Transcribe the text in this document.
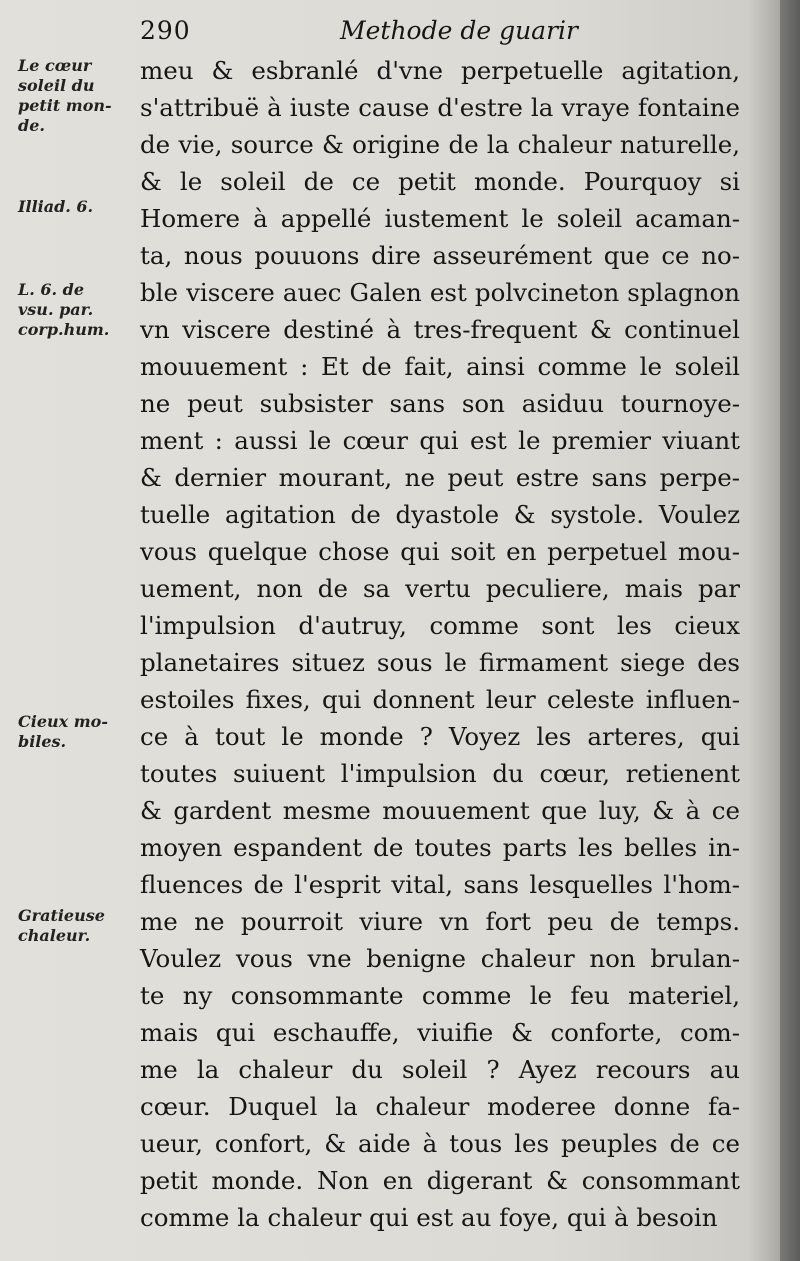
290	Methode de guarir
Le cœur
soleil du
petit mon-
de.
Illiad. 6.
L. 6. de
vsu. par.
corp.hum.
Cieux mo-
biles.
Gratieuse
chaleur.
meu & esbranlé d'vne perpetuelle agitation,
s'attribuë à iuste cause d'estre la vraye fontaine
de vie, source & origine de la chaleur naturelle,
& le soleil de ce petit monde. Pourquoy si
Homere à appellé iustement le soleil acaman-
ta, nous pouuons dire asseurément que ce no-
ble viscere auec Galen est polvcineton splagnon
vn viscere destiné à tres-frequent & continuel
mouuement : Et de fait, ainsi comme le soleil
ne peut subsister sans son asiduu tournoye-
ment : aussi le cœur qui est le premier viuant
& dernier mourant, ne peut estre sans perpe-
tuelle agitation de dyastole & systole. Voulez
vous quelque chose qui soit en perpetuel mou-
uement, non de sa vertu peculiere, mais par
l'impulsion d'autruy, comme sont les cieux
planetaires situez sous le firmament siege des
estoiles fixes, qui donnent leur celeste influen-
ce à tout le monde ? Voyez les arteres, qui
toutes suiuent l'impulsion du cœur, retienent
& gardent mesme mouuement que luy, & à ce
moyen espandent de toutes parts les belles in-
fluences de l'esprit vital, sans lesquelles l'hom-
me ne pourroit viure vn fort peu de temps.
Voulez vous vne benigne chaleur non brulan-
te ny consommante comme le feu materiel,
mais qui eschauffe, viuifie & conforte, com-
me la chaleur du soleil ? Ayez recours au
cœur. Duquel la chaleur moderee donne fa-
ueur, confort, & aide à tous les peuples de ce
petit monde. Non en digerant & consommant
comme la chaleur qui est au foye, qui à besoin
